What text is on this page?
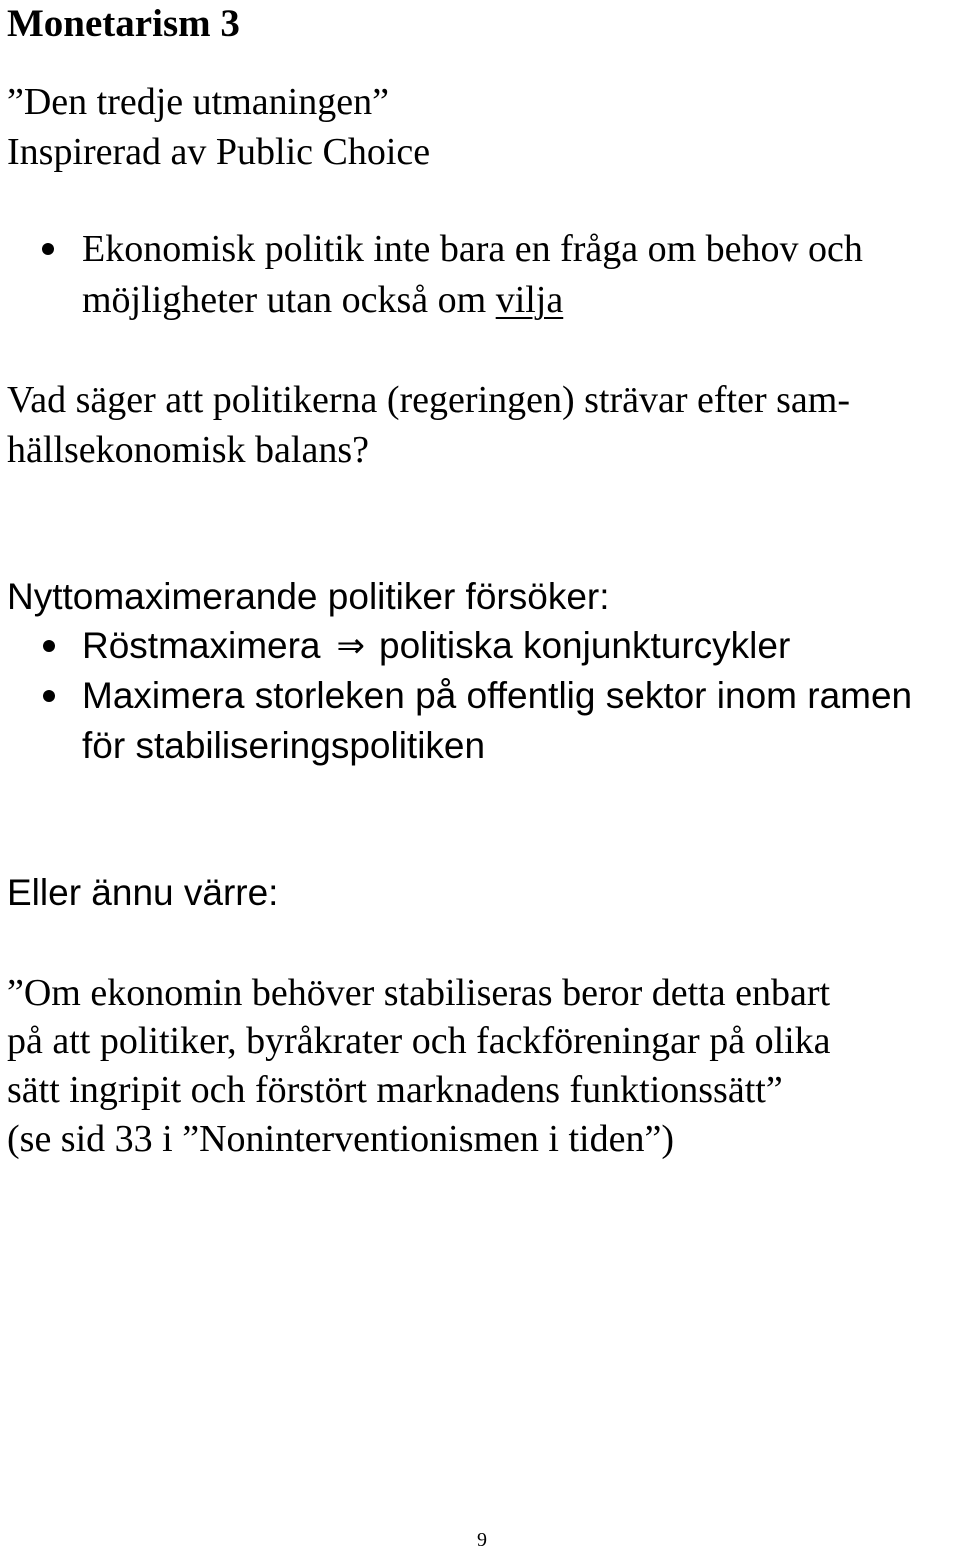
Monetarism 3
”Den tredje utmaningen”
Inspirerad av Public Choice
Ekonomisk politik inte bara en fråga om behov och
möjligheter utan också om vilja
Vad säger att politikerna (regeringen) strävar efter sam-
hällsekonomisk balans?
Nyttomaximerande politiker försöker:
Röstmaximera ⇒ politiska konjunkturcykler
Maximera storleken på offentlig sektor inom ramen
för stabiliseringspolitiken
Eller ännu värre:
”Om ekonomin behöver stabiliseras beror detta enbart
på att politiker, byråkrater och fackföreningar på olika
sätt ingripit och förstört marknadens funktionssätt”
(se sid 33 i ”Noninterventionismen i tiden”)
9
